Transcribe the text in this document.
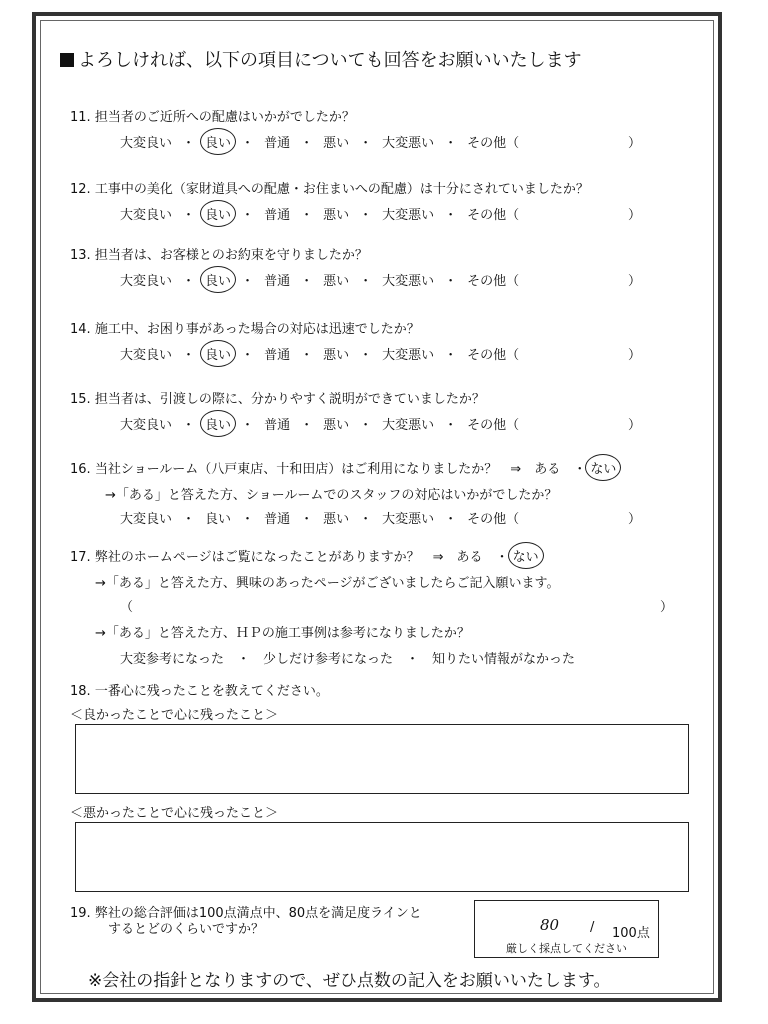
よろしければ、以下の項目についても回答をお願いいたします
11. 担当者のご近所への配慮はいかがでしたか？
大変良い ・ 良い ・ 普通 ・ 悪い ・ 大変悪い ・ その他（	）
12. 工事中の美化（家財道具への配慮・お住まいへの配慮）は十分にされていましたか？
大変良い ・ 良い ・ 普通 ・ 悪い ・ 大変悪い ・ その他（	）
13. 担当者は、お客様とのお約束を守りましたか？
大変良い ・ 良い ・ 普通 ・ 悪い ・ 大変悪い ・ その他（	）
14. 施工中、お困り事があった場合の対応は迅速でしたか？
大変良い ・ 良い ・ 普通 ・ 悪い ・ 大変悪い ・ その他（	）
15. 担当者は、引渡しの際に、分かりやすく説明ができていましたか？
大変良い ・ 良い ・ 普通 ・ 悪い ・ 大変悪い ・ その他（	）
16. 当社ショールーム（八戸東店、十和田店）はご利用になりましたか？　⇒　ある　・ ない
→「ある」と答えた方、ショールームでのスタッフの対応はいかがでしたか？
大変良い ・ 良い ・ 普通 ・ 悪い ・ 大変悪い ・ その他（	）
17. 弊社のホームページはご覧になったことがありますか？　⇒　ある　・ ない
→「ある」と答えた方、興味のあったページがございましたらご記入願います。
（	）
→「ある」と答えた方、ＨＰの施工事例は参考になりましたか？
大変参考になった　・　少しだけ参考になった　・　知りたい情報がなかった
18. 一番心に残ったことを教えてください。
＜良かったことで心に残ったこと＞
＜悪かったことで心に残ったこと＞
19. 弊社の総合評価は100点満点中、80点を満足度ラインと
するとどのくらいですか？	80 / 100点
厳しく採点してください
※会社の指針となりますので、ぜひ点数の記入をお願いいたします。
